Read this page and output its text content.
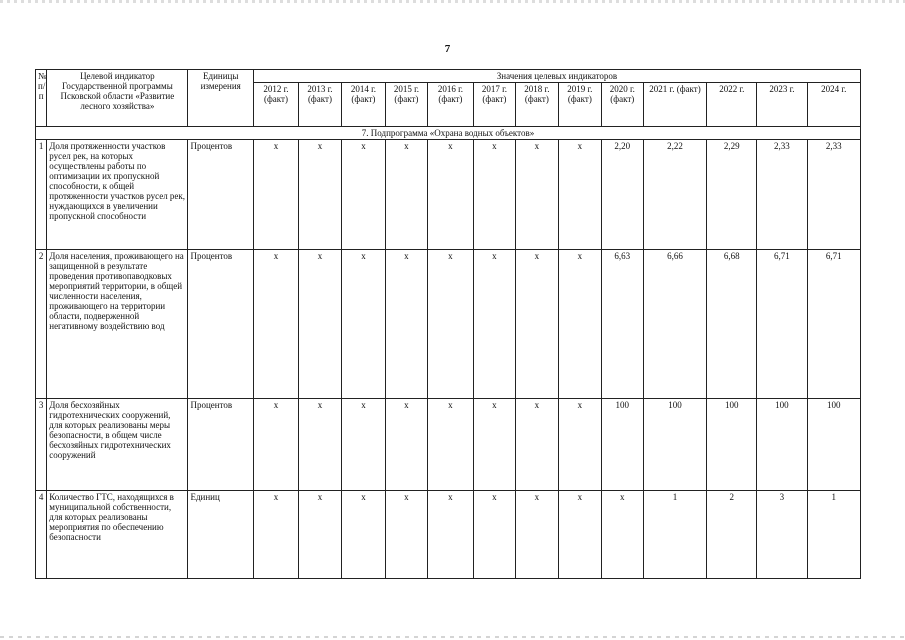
7
№ п/п	Целевой индикатор Государственной программы Псковской области «Развитие лесного хозяйства»	Единицы измерения	Значения целевых индикаторов												
			2012 г. (факт)	2013 г. (факт)	2014 г. (факт)	2015 г. (факт)	2016 г. (факт)	2017 г. (факт)	2018 г. (факт)	2019 г. (факт)	2020 г. (факт)	2021 г. (факт)	2022 г.	2023 г.	2024 г.
7. Подпрограмма «Охрана водных объектов»															
1	Доля протяженности участков русел рек, на которых осуществлены работы по оптимизации их пропускной способности, к общей протяженности участков русел рек, нуждающихся в увеличении пропускной способности	Процентов	х	х	х	х	х	х	х	х	2,20	2,22	2,29	2,33	2,33
2	Доля населения, проживающего на защищенной в результате проведения противопаводковых мероприятий территории, в общей численности населения, проживающего на территории области, подверженной негативному воздействию вод	Процентов	х	х	х	х	х	х	х	х	6,63	6,66	6,68	6,71	6,71
3	Доля бесхозяйных гидротехнических сооружений, для которых реализованы меры безопасности, в общем числе бесхозяйных гидротехнических сооружений	Процентов	х	х	х	х	х	х	х	х	100	100	100	100	100
4	Количество ГТС, находящихся в муниципальной собственности, для которых реализованы мероприятия по обеспечению безопасности	Единиц	х	х	х	х	х	х	х	х	х	1	2	3	1
